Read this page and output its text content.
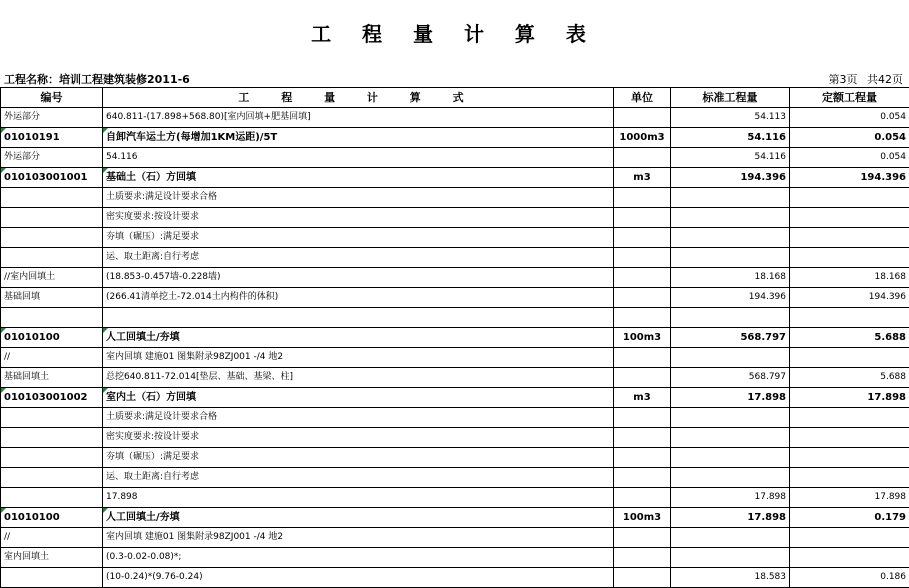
工 程 量 计 算 表
工程名称：培训工程建筑装修2011-6	第3页 共42页
编号	工 程 量 计 算 式	单位	标准工程量	定额工程量
外运部分	640.811-(17.898+568.80)[室内回填+肥基回填]		54.113	0.054
01010191	自卸汽车运土方(每增加1KM运距)/5T	1000m3	54.116	0.054
外运部分	54.116		54.116	0.054
010103001001	基础土（石）方回填	m3	194.396	194.396
	土质要求:满足设计要求合格			
	密实度要求:按设计要求			
	夯填（碾压）:满足要求			
	运、取土距离:自行考虑			
//室内回填土	(18.853-0.457墙-0.228墙)		18.168	18.168
基础回填	(266.41清单挖土-72.014土内构件的体积)		194.396	194.396

01010100	人工回填土/夯填	100m3	568.797	5.688
//	室内回填 建施01 图集附录98ZJ001 -/4 地2			
基础回填土	总挖640.811-72.014[垫层、基础、基梁、柱]		568.797	5.688
010103001002	室内土（石）方回填	m3	17.898	17.898
	土质要求:满足设计要求合格			
	密实度要求:按设计要求			
	夯填（碾压）:满足要求			
	运、取土距离:自行考虑			
	17.898		17.898	17.898
01010100	人工回填土/夯填	100m3	17.898	0.179
//	室内回填 建施01 图集附录98ZJ001 -/4 地2			
室内回填土	(0.3-0.02-0.08)*;			
	(10-0.24)*(9.76-0.24)		18.583	0.186
